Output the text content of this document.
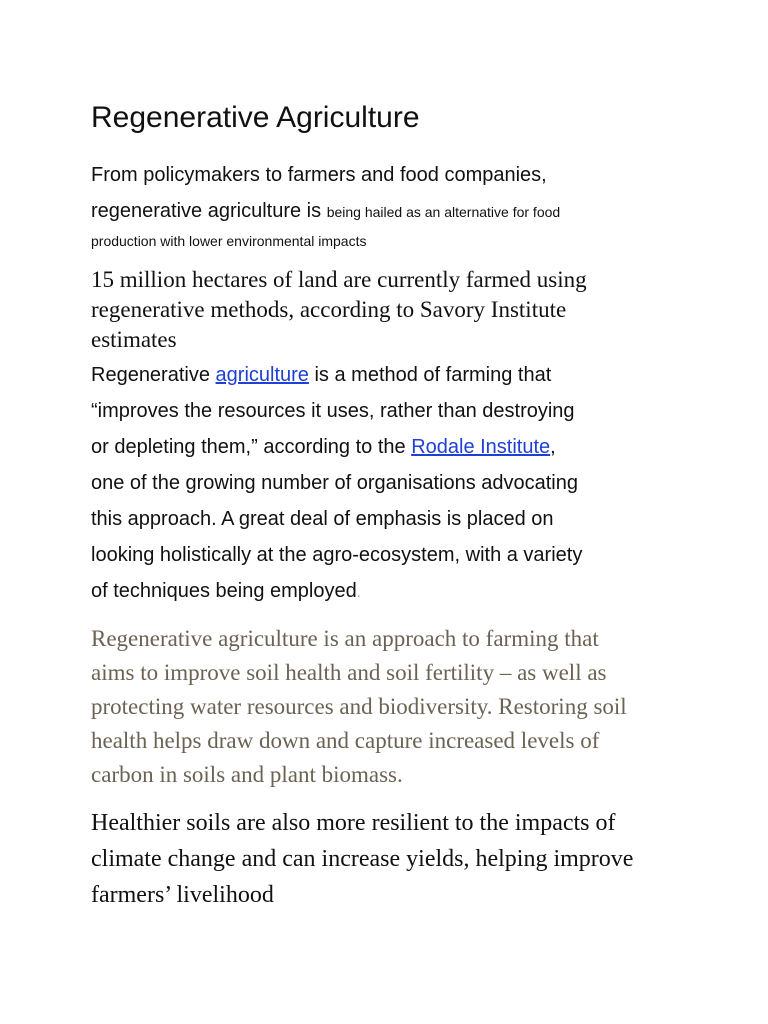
Regenerative Agriculture

From policymakers to farmers and food companies,
regenerative agriculture is being hailed as an alternative for food
production with lower environmental impacts

15 million hectares of land are currently farmed using
regenerative methods, according to Savory Institute
estimates

Regenerative agriculture is a method of farming that
“improves the resources it uses, rather than destroying
or depleting them,” according to the Rodale Institute,
one of the growing number of organisations advocating
this approach. A great deal of emphasis is placed on
looking holistically at the agro-ecosystem, with a variety
of techniques being employed.

Regenerative agriculture is an approach to farming that
aims to improve soil health and soil fertility – as well as
protecting water resources and biodiversity. Restoring soil
health helps draw down and capture increased levels of
carbon in soils and plant biomass.

Healthier soils are also more resilient to the impacts of
climate change and can increase yields, helping improve
farmers’ livelihood
